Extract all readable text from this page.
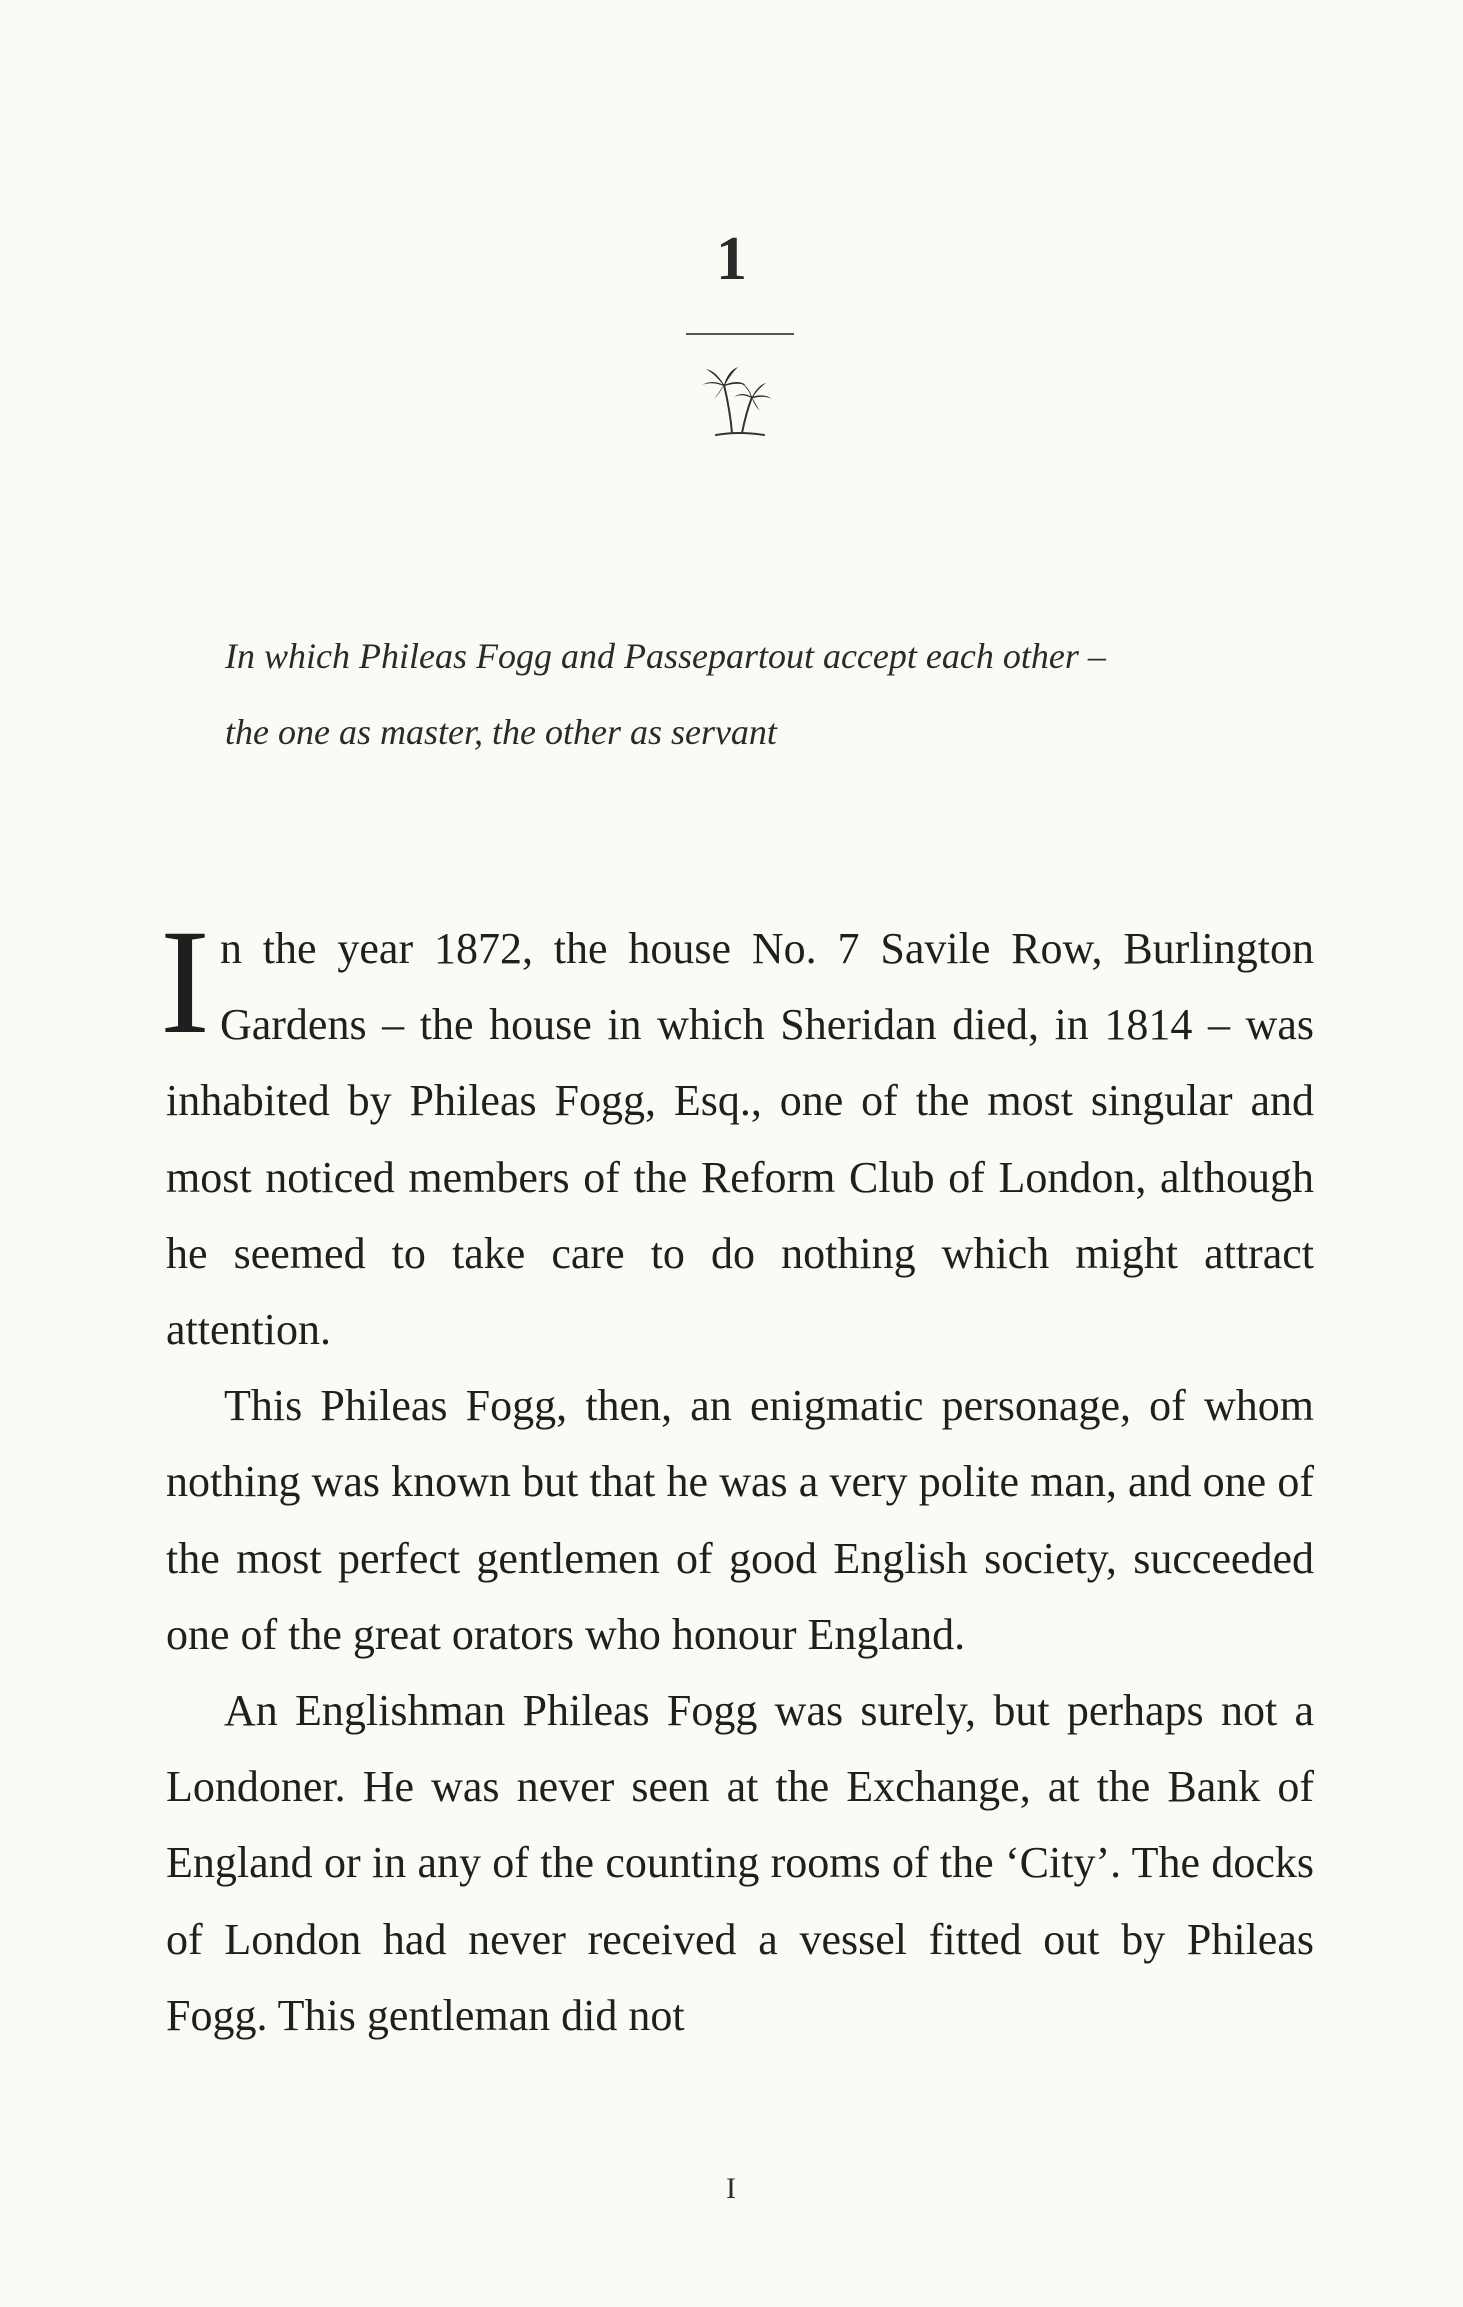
1
In which Phileas Fogg and Passepartout accept each other –
the one as master, the other as servant

In the year 1872, the house No. 7 Savile Row, Burlington Gardens – the house in which Sheridan died, in 1814 – was inhabited by Phileas Fogg, Esq., one of the most singular and most noticed members of the Reform Club of London, although he seemed to take care to do nothing which might attract attention.

This Phileas Fogg, then, an enigmatic personage, of whom nothing was known but that he was a very polite man, and one of the most perfect gentlemen of good English society, succeeded one of the great orators who honour England.

An Englishman Phileas Fogg was surely, but perhaps not a Londoner. He was never seen at the Exchange, at the Bank of England or in any of the counting rooms of the ‘City’. The docks of London had never received a vessel fitted out by Phileas Fogg. This gentleman did not

I
